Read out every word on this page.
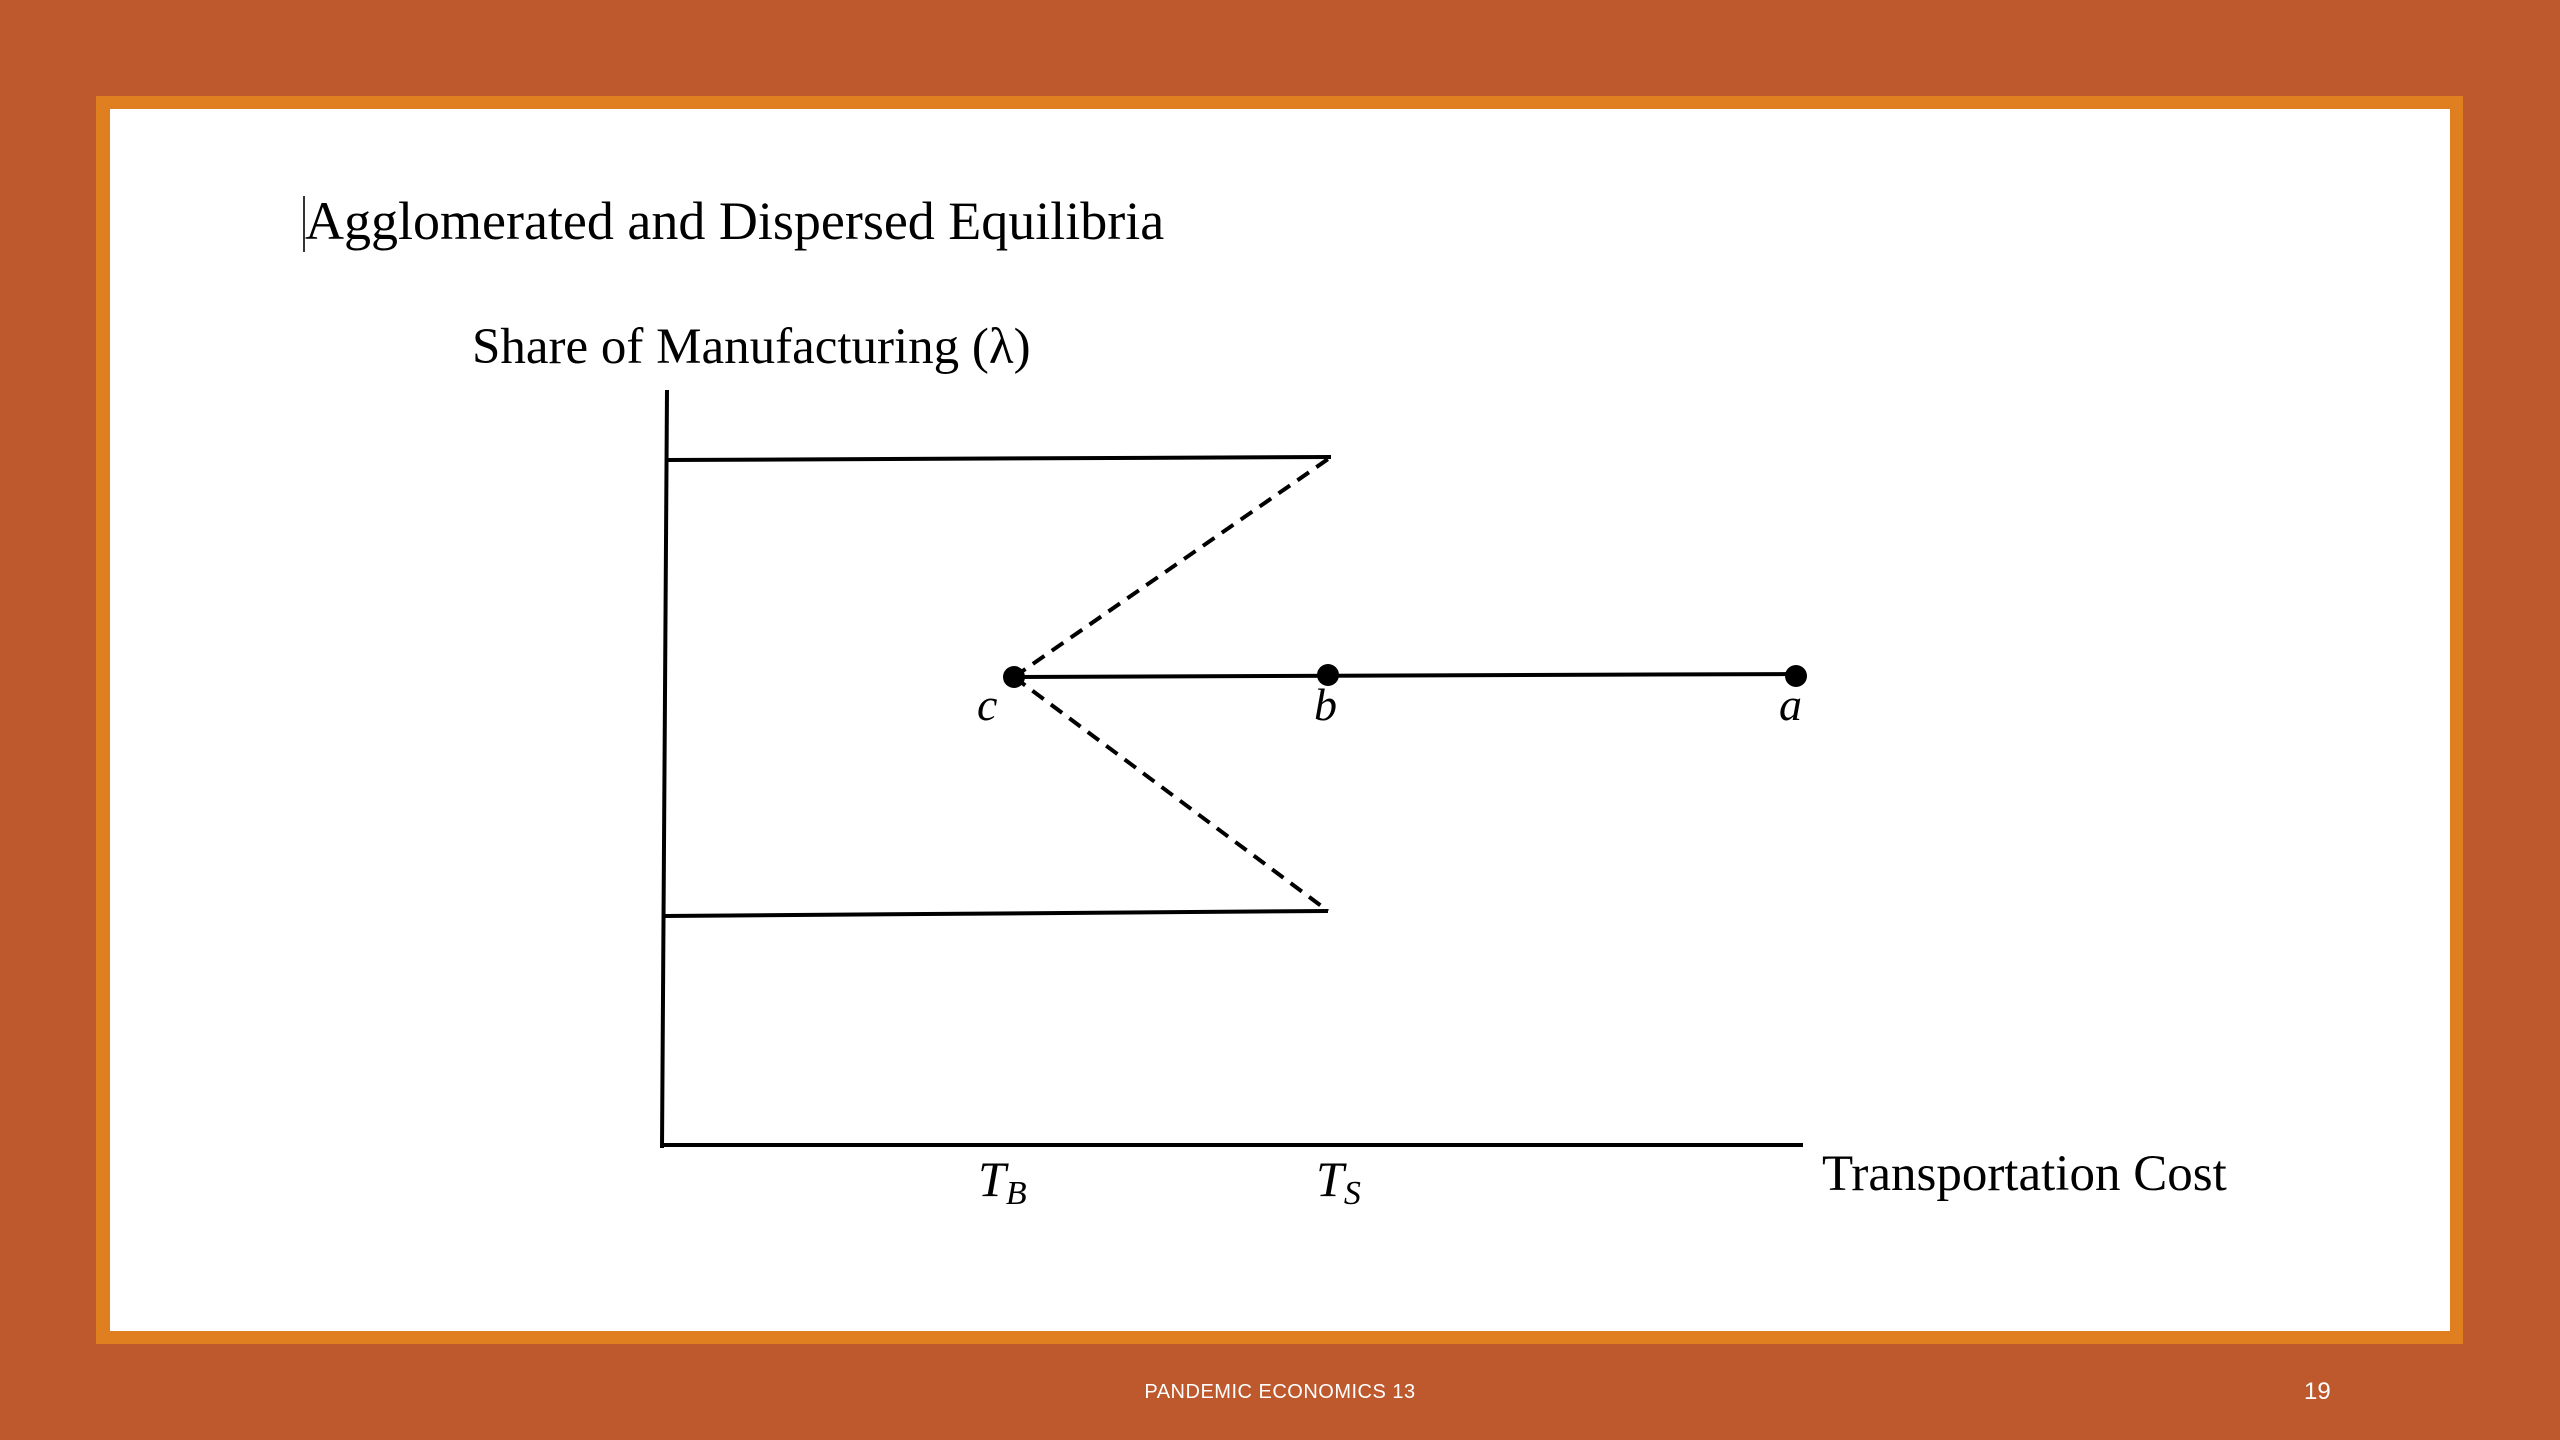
Agglomerated and Dispersed Equilibria
Share of Manufacturing (λ)
c	b	a
TB	TS	Transportation Cost
PANDEMIC ECONOMICS 13	19
